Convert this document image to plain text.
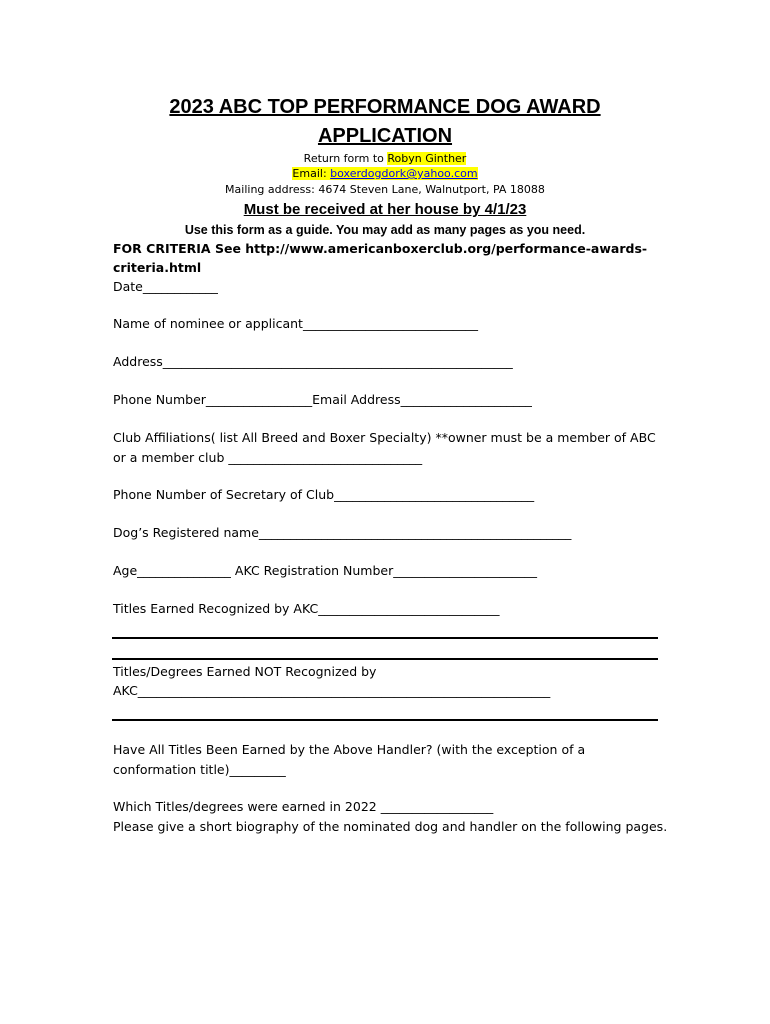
2023 ABC TOP PERFORMANCE DOG AWARD
APPLICATION
Return form to Robyn Ginther
Email: boxerdogdork@yahoo.com
Mailing address: 4674 Steven Lane, Walnutport, PA 18088
Must be received at her house by 4/1/23
Use this form as a guide. You may add as many pages as you need.
FOR CRITERIA See http://www.americanboxerclub.org/performance-awards-
criteria.html
Date____________
Name of nominee or applicant____________________________
Address________________________________________________________
Phone Number_________________Email Address_____________________
Club Affiliations( list All Breed and Boxer Specialty) **owner must be a member of ABC
or a member club _______________________________
Phone Number of Secretary of Club________________________________
Dog’s Registered name__________________________________________________
Age_______________ AKC Registration Number_______________________
Titles Earned Recognized by AKC_____________________________
Titles/Degrees Earned NOT Recognized by
AKC__________________________________________________________________
Have All Titles Been Earned by the Above Handler? (with the exception of a
conformation title)_________
Which Titles/degrees were earned in 2022 __________________
Please give a short biography of the nominated dog and handler on the following pages.
